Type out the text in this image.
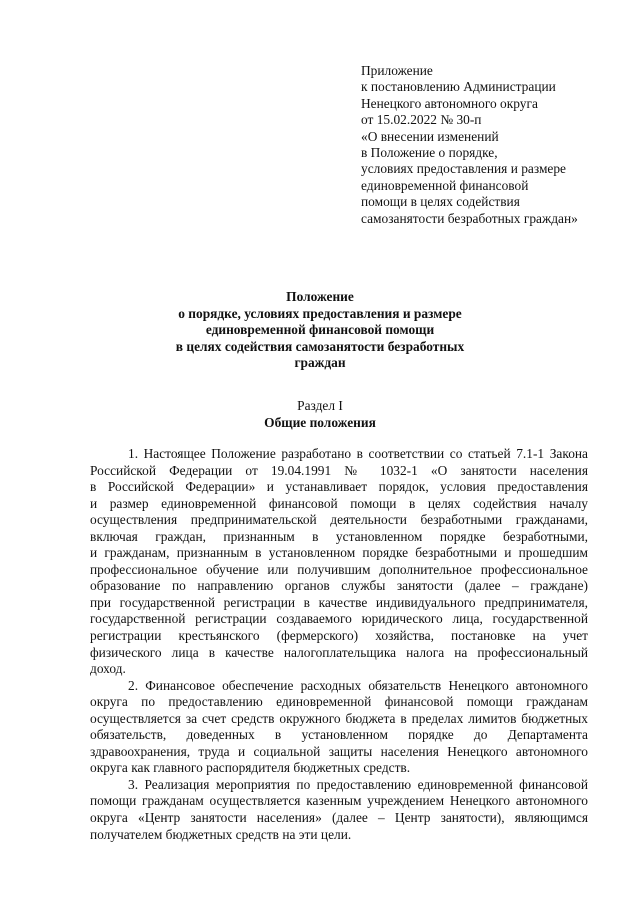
Приложение
к постановлению Администрации
Ненецкого автономного округа
от 15.02.2022 № 30-п
«О внесении изменений
в Положение о порядке,
условиях предоставления и размере
единовременной финансовой
помощи в целях содействия
самозанятости безработных граждан»
Положение
о порядке, условиях предоставления и размере
единовременной финансовой помощи
в целях содействия самозанятости безработных
граждан
Раздел I
Общие положения
1. Настоящее Положение разработано в соответствии со статьей 7.1-1 Закона
Российской Федерации от 19.04.1991 № 1032-1 «О занятости населения
в Российской Федерации» и устанавливает порядок, условия предоставления
и размер единовременной финансовой помощи в целях содействия началу
осуществления предпринимательской деятельности безработными гражданами,
включая граждан, признанным в установленном порядке безработными,
и гражданам, признанным в установленном порядке безработными и прошедшим
профессиональное обучение или получившим дополнительное профессиональное
образование по направлению органов службы занятости (далее – граждане)
при государственной регистрации в качестве индивидуального предпринимателя,
государственной регистрации создаваемого юридического лица, государственной
регистрации крестьянского (фермерского) хозяйства, постановке на учет
физического лица в качестве налогоплательщика налога на профессиональный
доход.
2. Финансовое обеспечение расходных обязательств Ненецкого автономного
округа по предоставлению единовременной финансовой помощи гражданам
осуществляется за счет средств окружного бюджета в пределах лимитов бюджетных
обязательств, доведенных в установленном порядке до Департамента
здравоохранения, труда и социальной защиты населения Ненецкого автономного
округа как главного распорядителя бюджетных средств.
3. Реализация мероприятия по предоставлению единовременной финансовой
помощи гражданам осуществляется казенным учреждением Ненецкого автономного
округа «Центр занятости населения» (далее – Центр занятости), являющимся
получателем бюджетных средств на эти цели.
